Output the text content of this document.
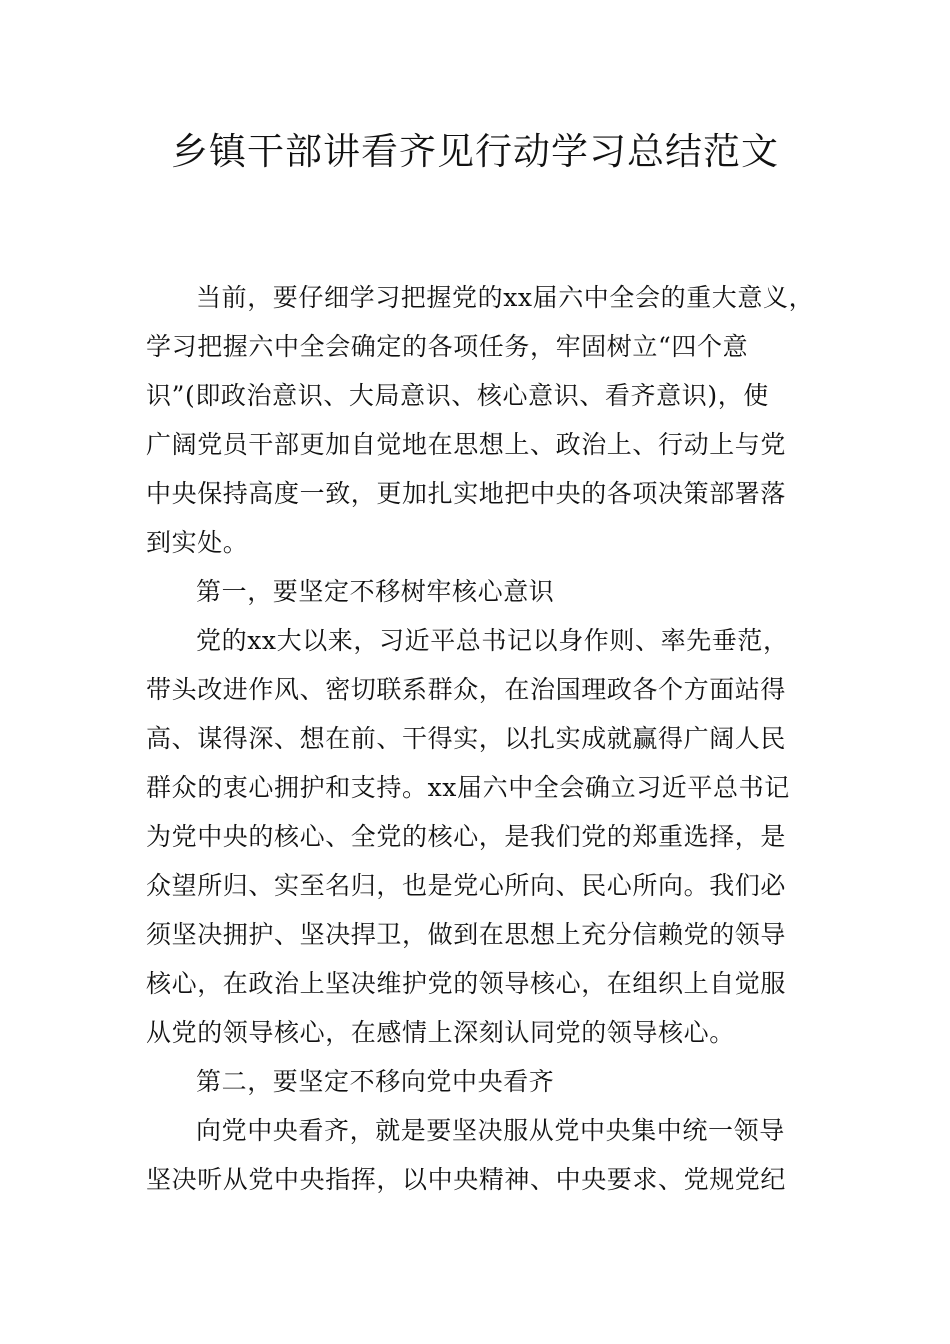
乡镇干部讲看齐见行动学习总结范文
当前，要仔细学习把握党的xx届六中全会的重大意义，
学习把握六中全会确定的各项任务，牢固树立“四个意
识”(即政治意识、大局意识、核心意识、看齐意识)，使
广阔党员干部更加自觉地在思想上、政治上、行动上与党
中央保持高度一致，更加扎实地把中央的各项决策部署落
到实处。
第一，要坚定不移树牢核心意识
党的xx大以来，习近平总书记以身作则、率先垂范，
带头改进作风、密切联系群众，在治国理政各个方面站得
高、谋得深、想在前、干得实，以扎实成就赢得广阔人民
群众的衷心拥护和支持。xx届六中全会确立习近平总书记
为党中央的核心、全党的核心，是我们党的郑重选择，是
众望所归、实至名归，也是党心所向、民心所向。我们必
须坚决拥护、坚决捍卫，做到在思想上充分信赖党的领导
核心，在政治上坚决维护党的领导核心，在组织上自觉服
从党的领导核心，在感情上深刻认同党的领导核心。
第二，要坚定不移向党中央看齐
向党中央看齐，就是要坚决服从党中央集中统一领导
坚决听从党中央指挥，以中央精神、中央要求、党规党纪
